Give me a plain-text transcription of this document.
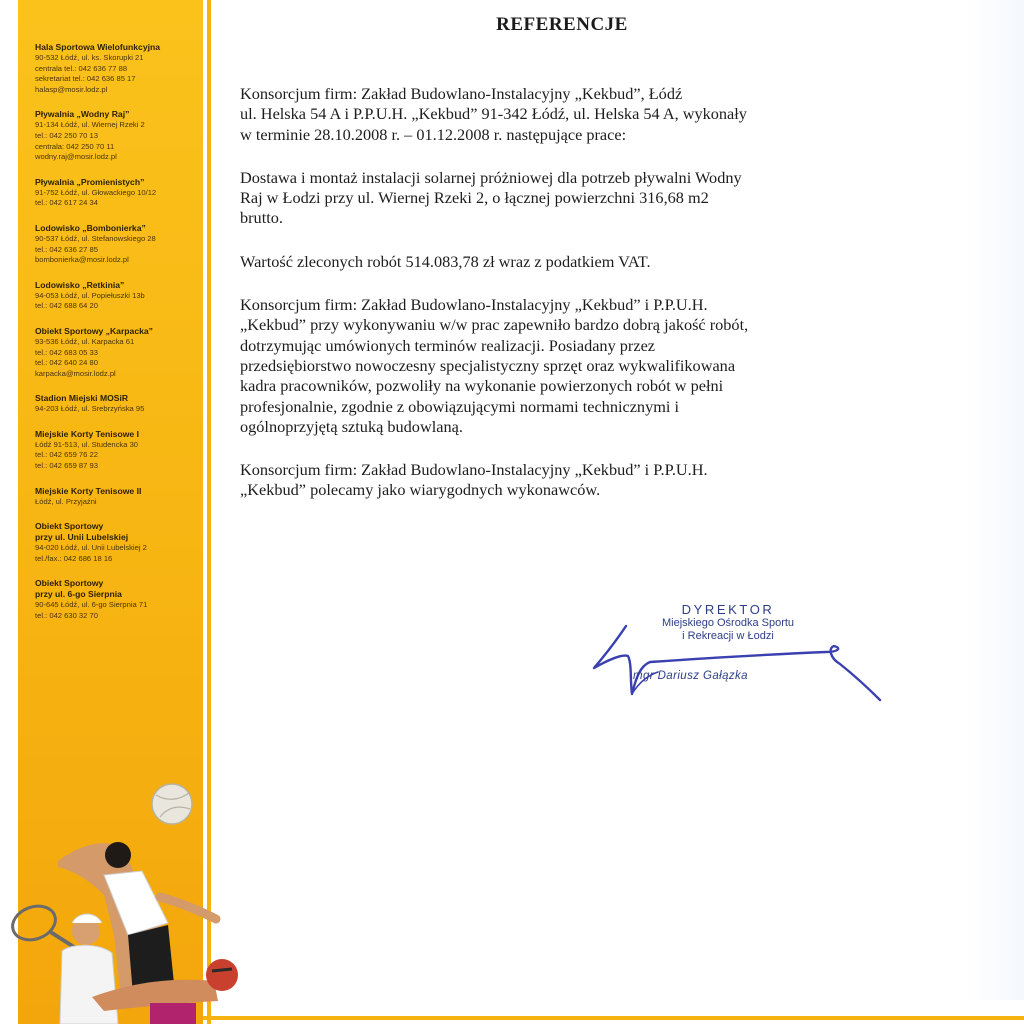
Hala Sportowa Wielofunkcyjna
90-532 Łódź, ul. ks. Skorupki 21
centrala tel.: 042 636 77 88
sekretariat tel.: 042 636 85 17
halasp@mosir.lodz.pl
Pływalnia „Wodny Raj”
91-134 Łódź, ul. Wiernej Rzeki 2
tel.: 042 250 70 13
centrala: 042 250 70 11
wodny.raj@mosir.lodz.pl
Pływalnia „Promienistych”
91-752 Łódź, ul. Głowackiego 10/12
tel.: 042 617 24 34
Lodowisko „Bombonierka”
90-537 Łódź, ul. Stefanowskiego 28
tel.: 042 636 27 85
bombonierka@mosir.lodz.pl
Lodowisko „Retkinia”
94-053 Łódź, ul. Popiełuszki 13b
tel.: 042 688 64 20
Obiekt Sportowy „Karpacka”
93-536 Łódź, ul. Karpacka 61
tel.: 042 683 05 33
tel.: 042 640 24 80
karpacka@mosir.lodz.pl
Stadion Miejski MOSiR
94-203 Łódź, ul. Srebrzyńska 95
Miejskie Korty Tenisowe I
Łódź 91-513, ul. Studencka 30
tel.: 042 659 76 22
tel.: 042 659 87 93
Miejskie Korty Tenisowe II
Łódź, ul. Przyjaźni
Obiekt Sportowy
przy ul. Unii Lubelskiej
94-020 Łódź, ul. Unii Lubelskiej 2
tel./fax.: 042 686 18 16
Obiekt Sportowy
przy ul. 6-go Sierpnia
90-645 Łódź, ul. 6-go Sierpnia 71
tel.: 042 630 32 70
REFERENCJE
Konsorcjum firm: Zakład Budowlano-Instalacyjny „Kekbud”, Łódź
ul. Helska 54 A i P.P.U.H. „Kekbud” 91-342 Łódź, ul. Helska 54 A, wykonały
w terminie 28.10.2008 r. – 01.12.2008 r. następujące prace:
Dostawa i montaż instalacji solarnej próżniowej dla potrzeb pływalni Wodny
Raj w Łodzi przy ul. Wiernej Rzeki 2, o łącznej powierzchni 316,68 m2
brutto.
Wartość zleconych robót 514.083,78 zł wraz z podatkiem VAT.
Konsorcjum firm: Zakład Budowlano-Instalacyjny „Kekbud” i P.P.U.H.
„Kekbud” przy wykonywaniu w/w prac zapewniło bardzo dobrą jakość robót,
dotrzymując umówionych terminów realizacji. Posiadany przez
przedsiębiorstwo nowoczesny specjalistyczny sprzęt oraz wykwalifikowana
kadra pracowników, pozwoliły na wykonanie powierzonych robót w pełni
profesjonalnie, zgodnie z obowiązującymi normami technicznymi i
ogólnoprzyjętą sztuką budowlaną.
Konsorcjum firm: Zakład Budowlano-Instalacyjny „Kekbud” i P.P.U.H.
„Kekbud” polecamy jako wiarygodnych wykonawców.
DYREKTOR
Miejskiego Ośrodka Sportu
i Rekreacji w Łodzi
mgr Dariusz Gałązka
